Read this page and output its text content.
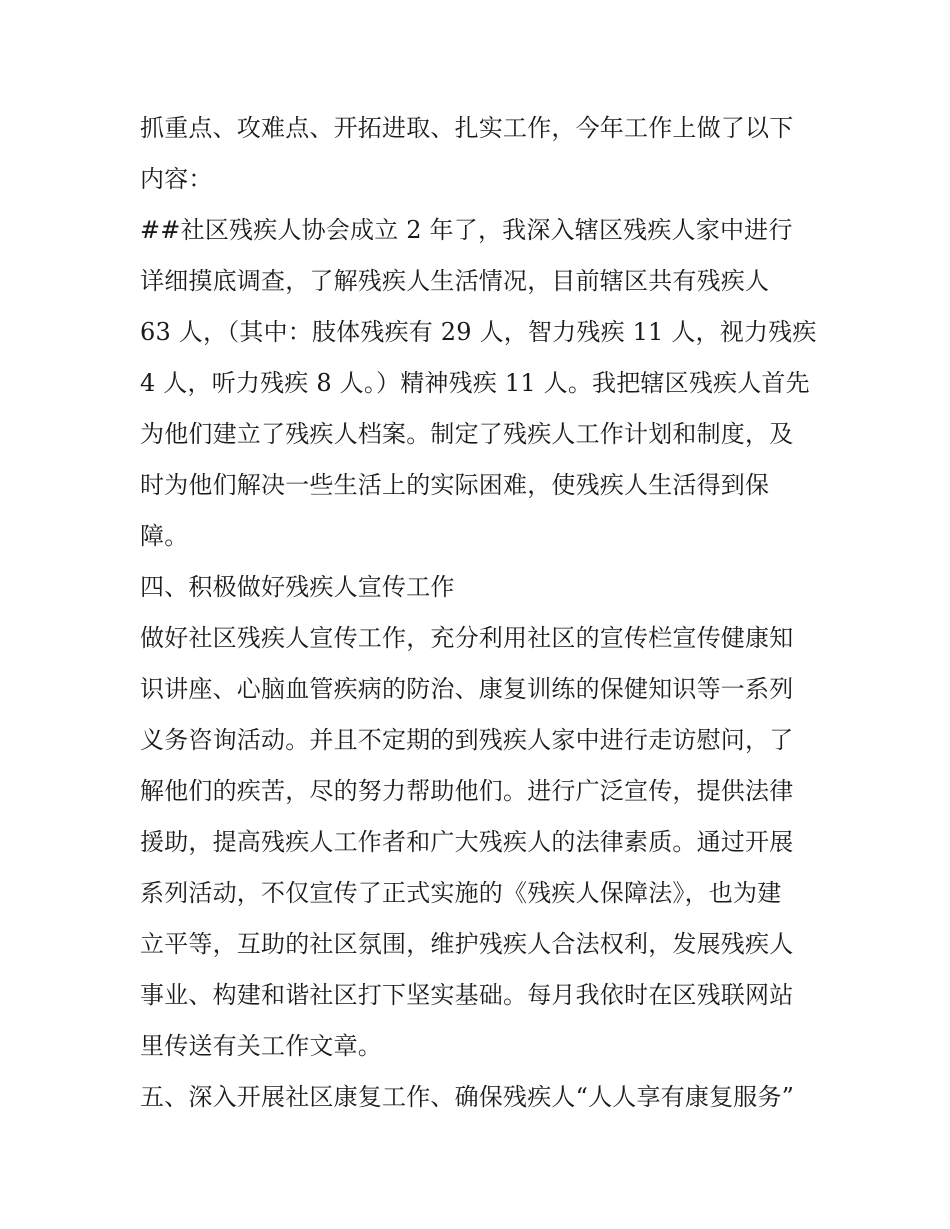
抓重点、攻难点、开拓进取、扎实工作，今年工作上做了以下
内容：
##社区残疾人协会成立 2 年了，我深入辖区残疾人家中进行
详细摸底调查，了解残疾人生活情况，目前辖区共有残疾人
63 人，（其中：肢体残疾有 29 人，智力残疾 11 人，视力残疾
4 人，听力残疾 8 人。）精神残疾 11 人。我把辖区残疾人首先
为他们建立了残疾人档案。制定了残疾人工作计划和制度，及
时为他们解决一些生活上的实际困难，使残疾人生活得到保
障。
四、积极做好残疾人宣传工作
做好社区残疾人宣传工作，充分利用社区的宣传栏宣传健康知
识讲座、心脑血管疾病的防治、康复训练的保健知识等一系列
义务咨询活动。并且不定期的到残疾人家中进行走访慰问，了
解他们的疾苦，尽的努力帮助他们。进行广泛宣传，提供法律
援助，提高残疾人工作者和广大残疾人的法律素质。通过开展
系列活动，不仅宣传了正式实施的《残疾人保障法》，也为建
立平等，互助的社区氛围，维护残疾人合法权利，发展残疾人
事业、构建和谐社区打下坚实基础。每月我依时在区残联网站
里传送有关工作文章。
五、深入开展社区康复工作、确保残疾人“人人享有康复服务”
